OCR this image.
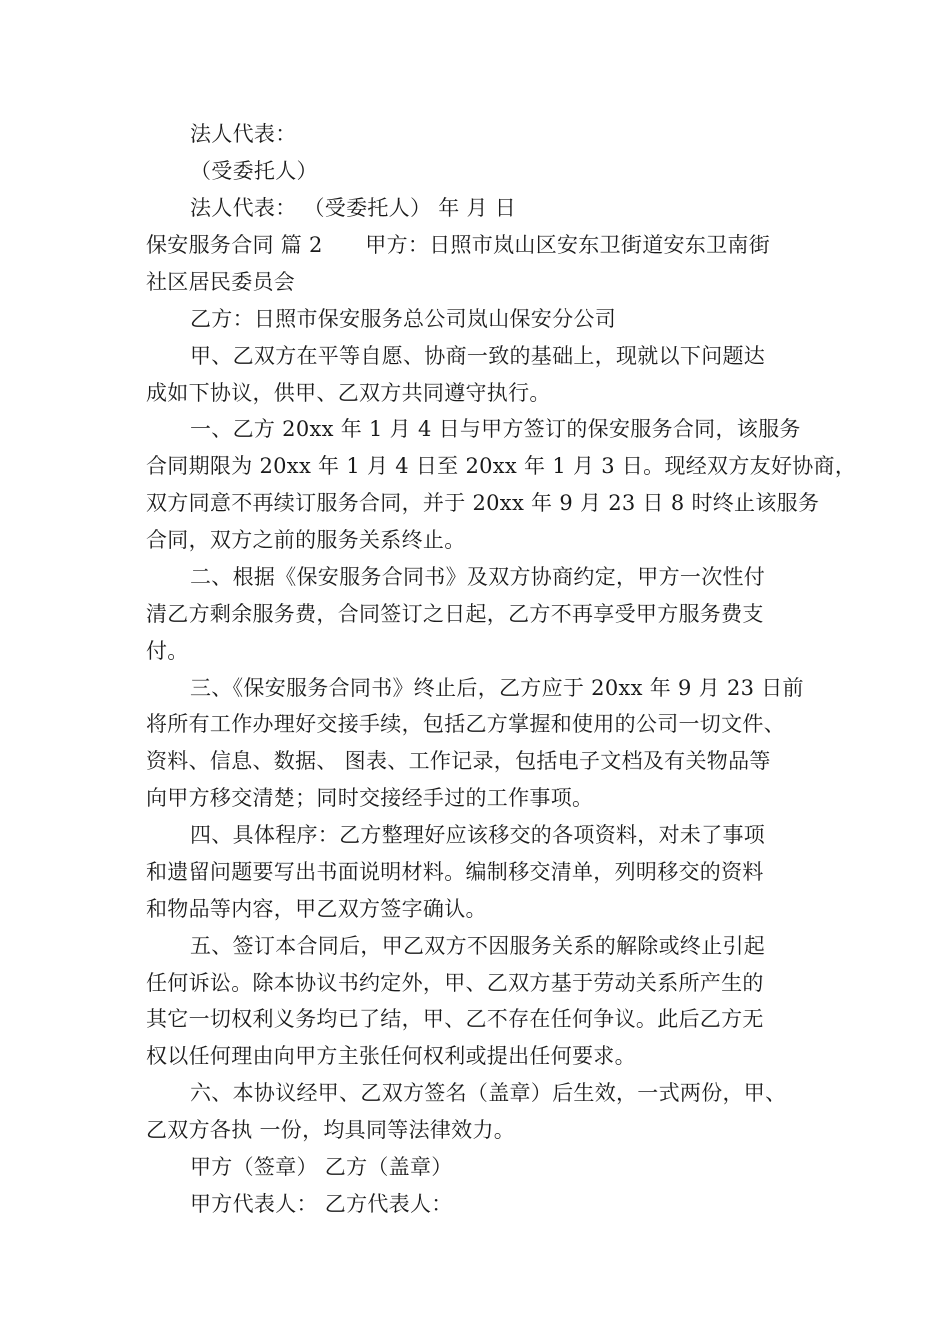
法人代表：
（受委托人）
法人代表： （受委托人） 年 月 日
保安服务合同 篇 2　　甲方：日照市岚山区安东卫街道安东卫南街
社区居民委员会
乙方：日照市保安服务总公司岚山保安分公司
甲、乙双方在平等自愿、协商一致的基础上，现就以下问题达
成如下协议，供甲、乙双方共同遵守执行。
一、乙方 20xx 年 1 月 4 日与甲方签订的保安服务合同，该服务
合同期限为 20xx 年 1 月 4 日至 20xx 年 1 月 3 日。现经双方友好协商，
双方同意不再续订服务合同，并于 20xx 年 9 月 23 日 8 时终止该服务
合同，双方之前的服务关系终止。
二、根据《保安服务合同书》及双方协商约定，甲方一次性付
清乙方剩余服务费，合同签订之日起，乙方不再享受甲方服务费支
付。
三、《保安服务合同书》终止后，乙方应于 20xx 年 9 月 23 日前
将所有工作办理好交接手续，包括乙方掌握和使用的公司一切文件、
资料、信息、数据、 图表、工作记录，包括电子文档及有关物品等
向甲方移交清楚；同时交接经手过的工作事项。
四、具体程序：乙方整理好应该移交的各项资料，对未了事项
和遗留问题要写出书面说明材料。编制移交清单，列明移交的资料
和物品等内容，甲乙双方签字确认。
五、签订本合同后，甲乙双方不因服务关系的解除或终止引起
任何诉讼。除本协议书约定外，甲、乙双方基于劳动关系所产生的
其它一切权利义务均已了结，甲、乙不存在任何争议。此后乙方无
权以任何理由向甲方主张任何权利或提出任何要求。
六、本协议经甲、乙双方签名（盖章）后生效，一式两份，甲、
乙双方各执 一份，均具同等法律效力。
甲方（签章） 乙方（盖章）
甲方代表人： 乙方代表人：
